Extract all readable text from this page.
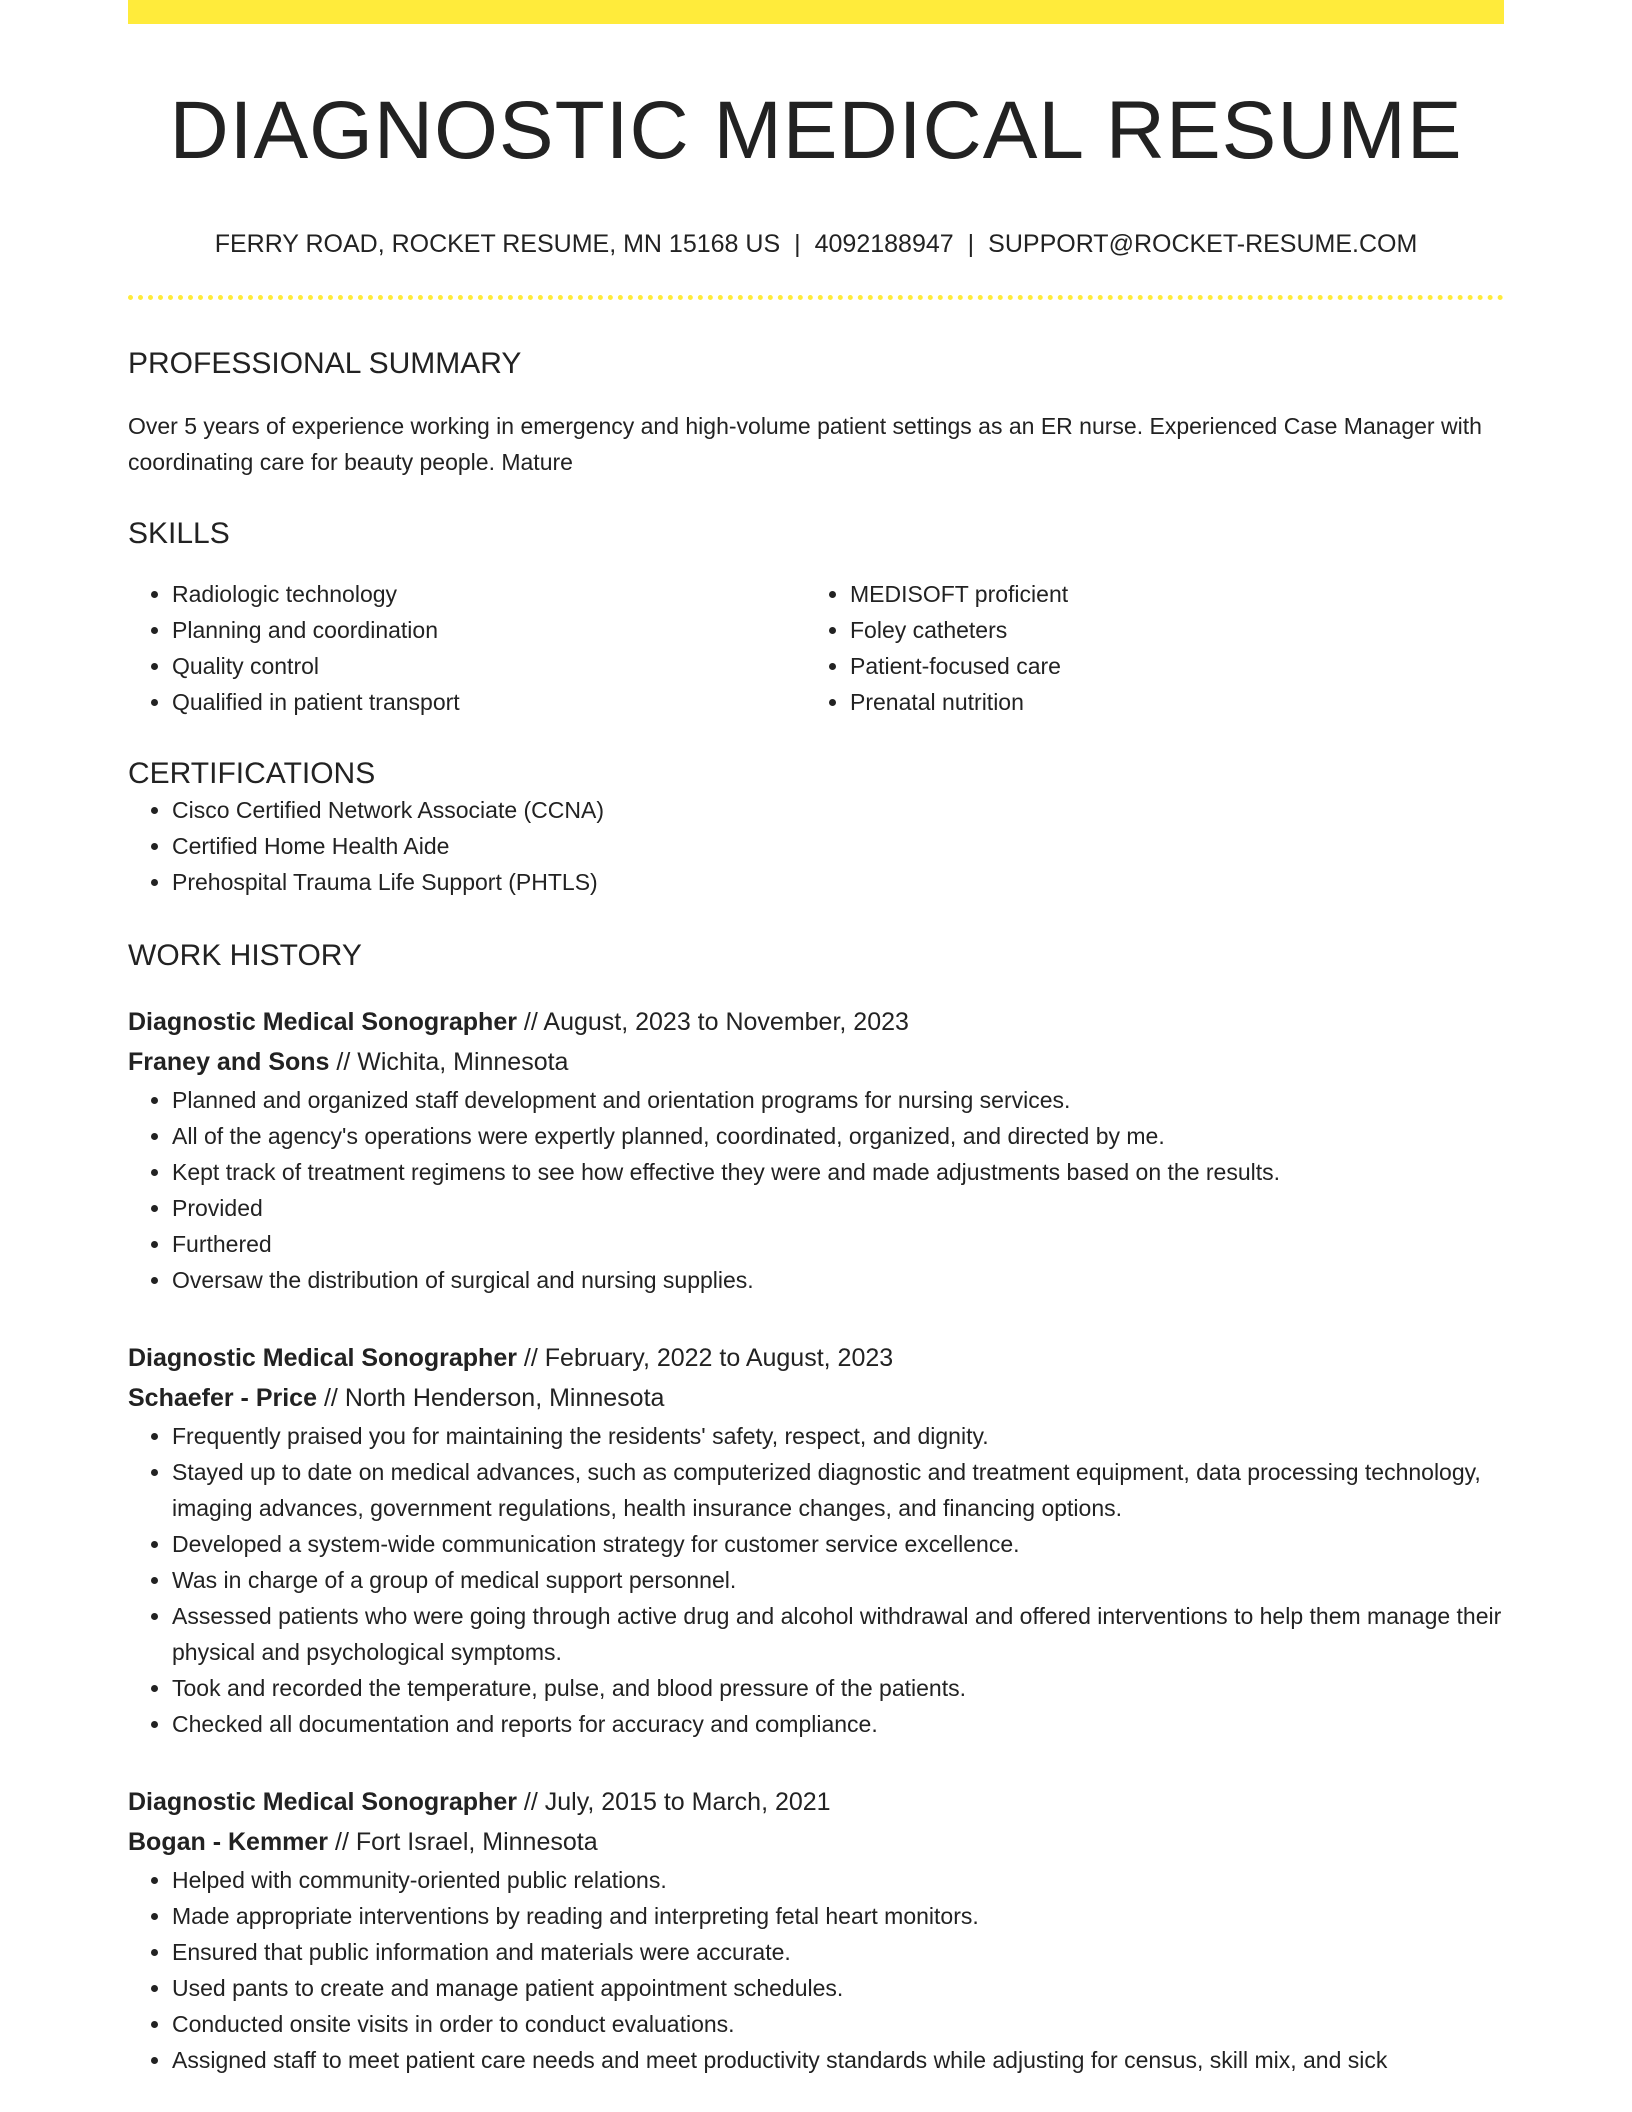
DIAGNOSTIC MEDICAL RESUME
FERRY ROAD, ROCKET RESUME, MN 15168 US | 4092188947 | SUPPORT@ROCKET-RESUME.COM
PROFESSIONAL SUMMARY

Over 5 years of experience working in emergency and high-volume patient settings as an ER nurse. Experienced Case Manager with coordinating care for beauty people. Mature

SKILLS
• Radiologic technology
• Planning and coordination
• Quality control
• Qualified in patient transport
• MEDISOFT proficient
• Foley catheters
• Patient-focused care
• Prenatal nutrition
CERTIFICATIONS
• Cisco Certified Network Associate (CCNA)
• Certified Home Health Aide
• Prehospital Trauma Life Support (PHTLS)
WORK HISTORY
Diagnostic Medical Sonographer // August, 2023 to November, 2023
Franey and Sons // Wichita, Minnesota
• Planned and organized staff development and orientation programs for nursing services.
• All of the agency's operations were expertly planned, coordinated, organized, and directed by me.
• Kept track of treatment regimens to see how effective they were and made adjustments based on the results.
• Provided
• Furthered
• Oversaw the distribution of surgical and nursing supplies.
Diagnostic Medical Sonographer // February, 2022 to August, 2023
Schaefer - Price // North Henderson, Minnesota
• Frequently praised you for maintaining the residents' safety, respect, and dignity.
• Stayed up to date on medical advances, such as computerized diagnostic and treatment equipment, data processing technology, imaging advances, government regulations, health insurance changes, and financing options.
• Developed a system-wide communication strategy for customer service excellence.
• Was in charge of a group of medical support personnel.
• Assessed patients who were going through active drug and alcohol withdrawal and offered interventions to help them manage their physical and psychological symptoms.
• Took and recorded the temperature, pulse, and blood pressure of the patients.
• Checked all documentation and reports for accuracy and compliance.
Diagnostic Medical Sonographer // July, 2015 to March, 2021
Bogan - Kemmer // Fort Israel, Minnesota
• Helped with community-oriented public relations.
• Made appropriate interventions by reading and interpreting fetal heart monitors.
• Ensured that public information and materials were accurate.
• Used pants to create and manage patient appointment schedules.
• Conducted onsite visits in order to conduct evaluations.
• Assigned staff to meet patient care needs and meet productivity standards while adjusting for census, skill mix, and sick
